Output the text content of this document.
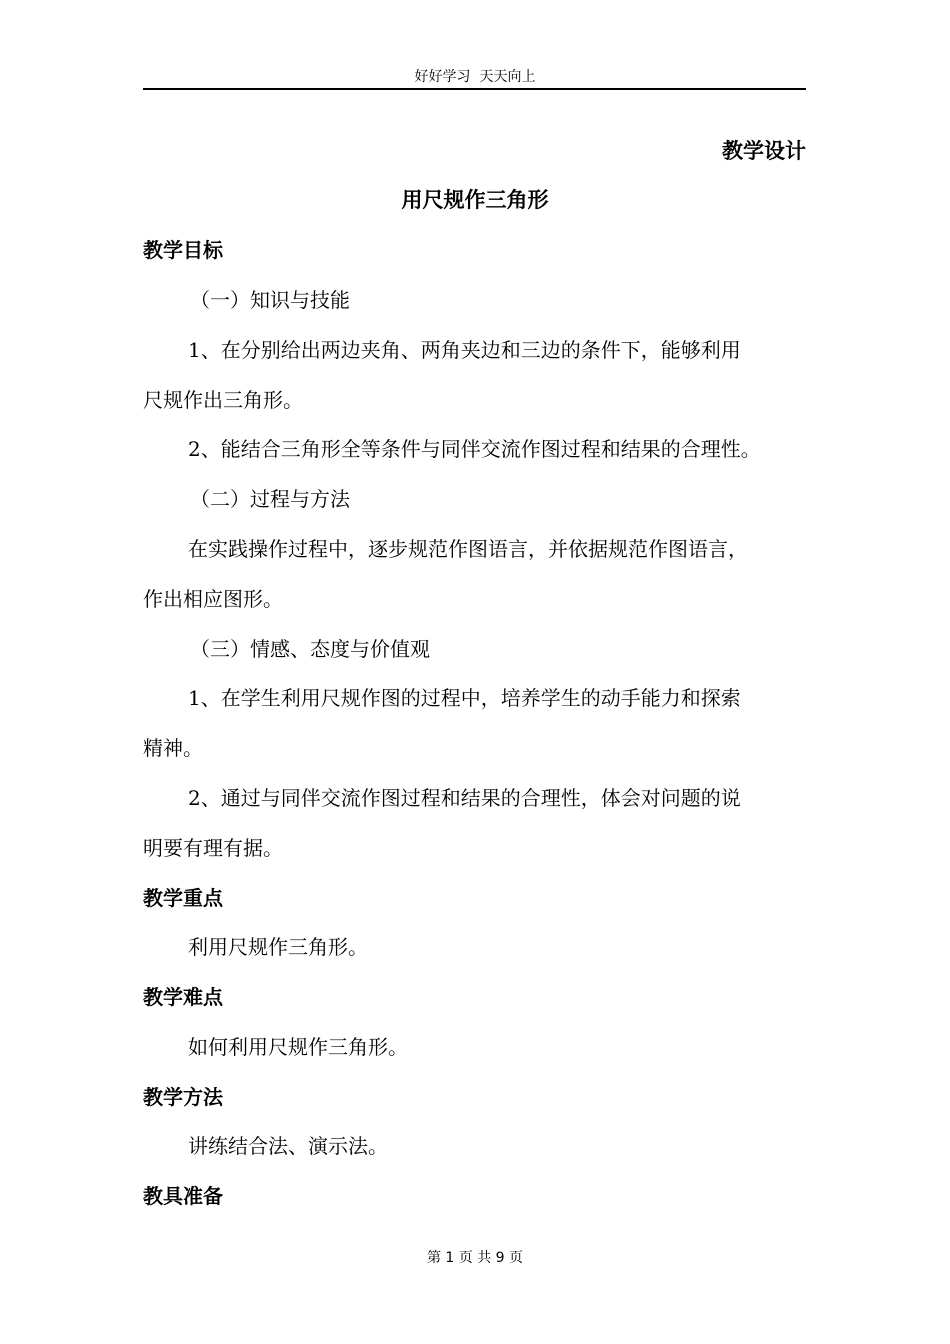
好好学习  天天向上
教学设计
用尺规作三角形
教学目标
（一）知识与技能
1、在分别给出两边夹角、两角夹边和三边的条件下，能够利用
尺规作出三角形。
2、能结合三角形全等条件与同伴交流作图过程和结果的合理性。
（二）过程与方法
在实践操作过程中，逐步规范作图语言，并依据规范作图语言，
作出相应图形。
（三）情感、态度与价值观
1、在学生利用尺规作图的过程中，培养学生的动手能力和探索
精神。
2、通过与同伴交流作图过程和结果的合理性，体会对问题的说
明要有理有据。
教学重点
利用尺规作三角形。
教学难点
如何利用尺规作三角形。
教学方法
讲练结合法、演示法。
教具准备
第 1 页 共 9 页
